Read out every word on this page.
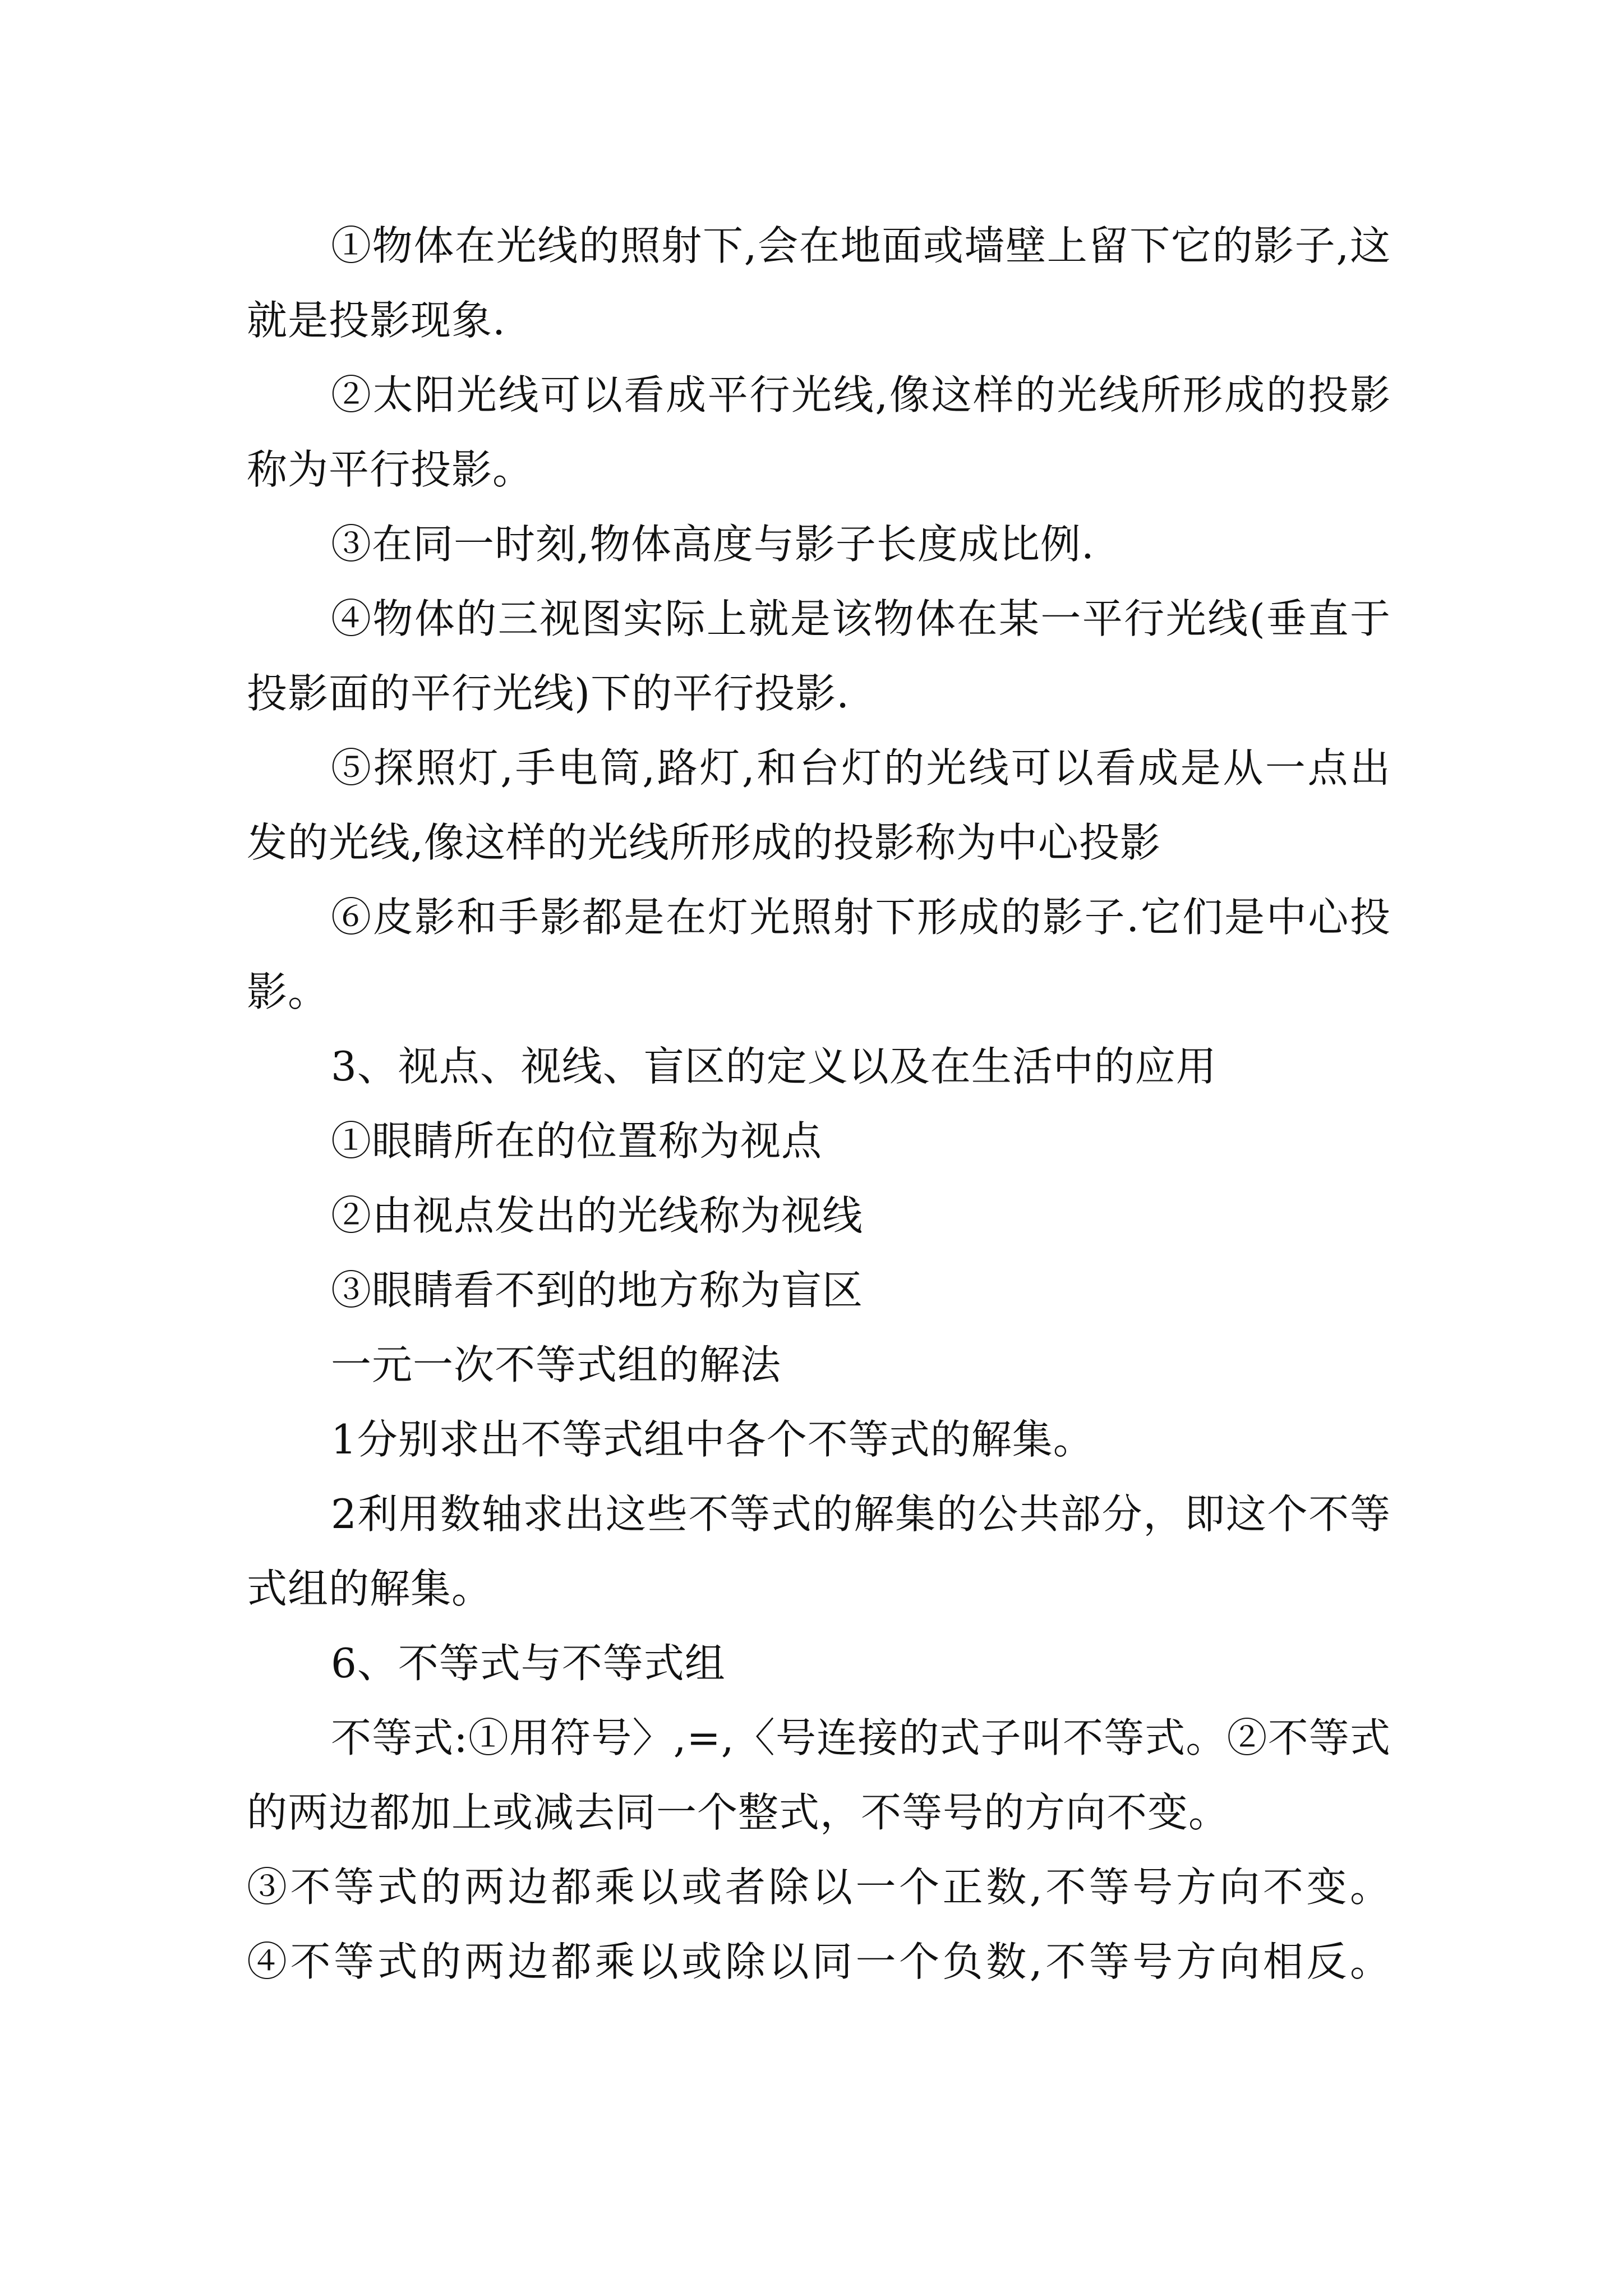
①物体在光线的照射下,会在地面或墙壁上留下它的影子,这就是投影现象.

②太阳光线可以看成平行光线,像这样的光线所形成的投影称为平行投影。

③在同一时刻,物体高度与影子长度成比例.

④物体的三视图实际上就是该物体在某一平行光线(垂直于投影面的平行光线)下的平行投影.

⑤探照灯,手电筒,路灯,和台灯的光线可以看成是从一点出发的光线,像这样的光线所形成的投影称为中心投影

⑥皮影和手影都是在灯光照射下形成的影子.它们是中心投影。

3、视点、视线、盲区的定义以及在生活中的应用

①眼睛所在的位置称为视点

②由视点发出的光线称为视线

③眼睛看不到的地方称为盲区

一元一次不等式组的解法

1分别求出不等式组中各个不等式的解集。

2利用数轴求出这些不等式的解集的公共部分，即这个不等式组的解集。

6、不等式与不等式组

不等式:①用符号〉,=,〈号连接的式子叫不等式。②不等式的两边都加上或减去同一个整式，不等号的方向不变。

③不等式的两边都乘以或者除以一个正数,不等号方向不变。

④不等式的两边都乘以或除以同一个负数,不等号方向相反。
